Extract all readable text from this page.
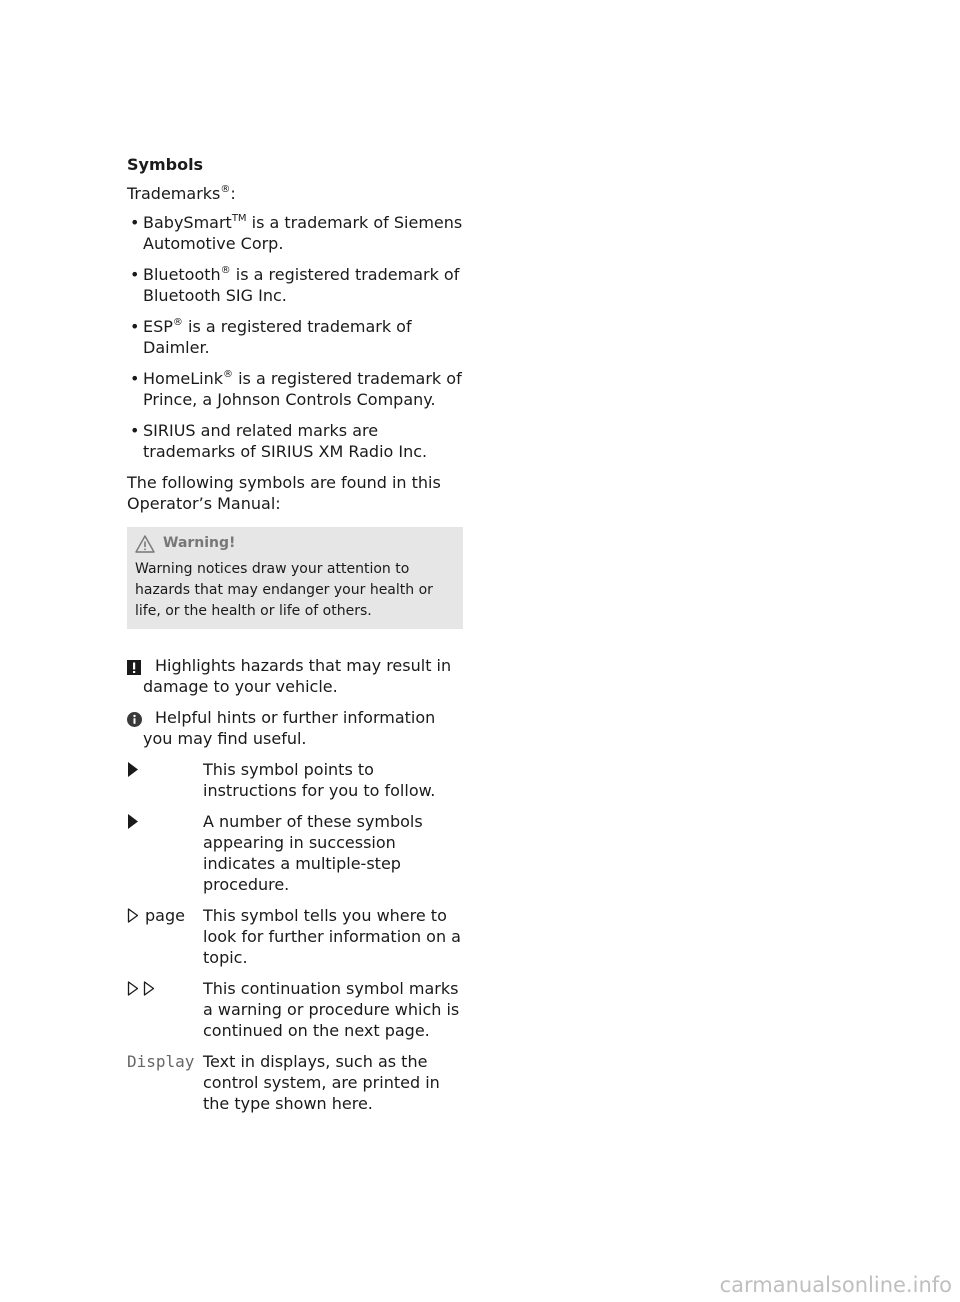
Symbols
Trademarks®:
• BabySmart™ is a trademark of Siemens Automotive Corp.
• Bluetooth® is a registered trademark of Bluetooth SIG Inc.
• ESP® is a registered trademark of Daimler.
• HomeLink® is a registered trademark of Prince, a Johnson Controls Company.
• SIRIUS and related marks are trademarks of SIRIUS XM Radio Inc.
The following symbols are found in this Operator’s Manual:
Warning!
Warning notices draw your attention to hazards that may endanger your health or life, or the health or life of others.
Highlights hazards that may result in damage to your vehicle.
Helpful hints or further information you may find useful.
This symbol points to instructions for you to follow.
A number of these symbols appearing in succession indicates a multiple-step procedure.
page This symbol tells you where to look for further information on a topic.
This continuation symbol marks a warning or procedure which is continued on the next page.
Display Text in displays, such as the control system, are printed in the type shown here.
carmanualsonline.info
